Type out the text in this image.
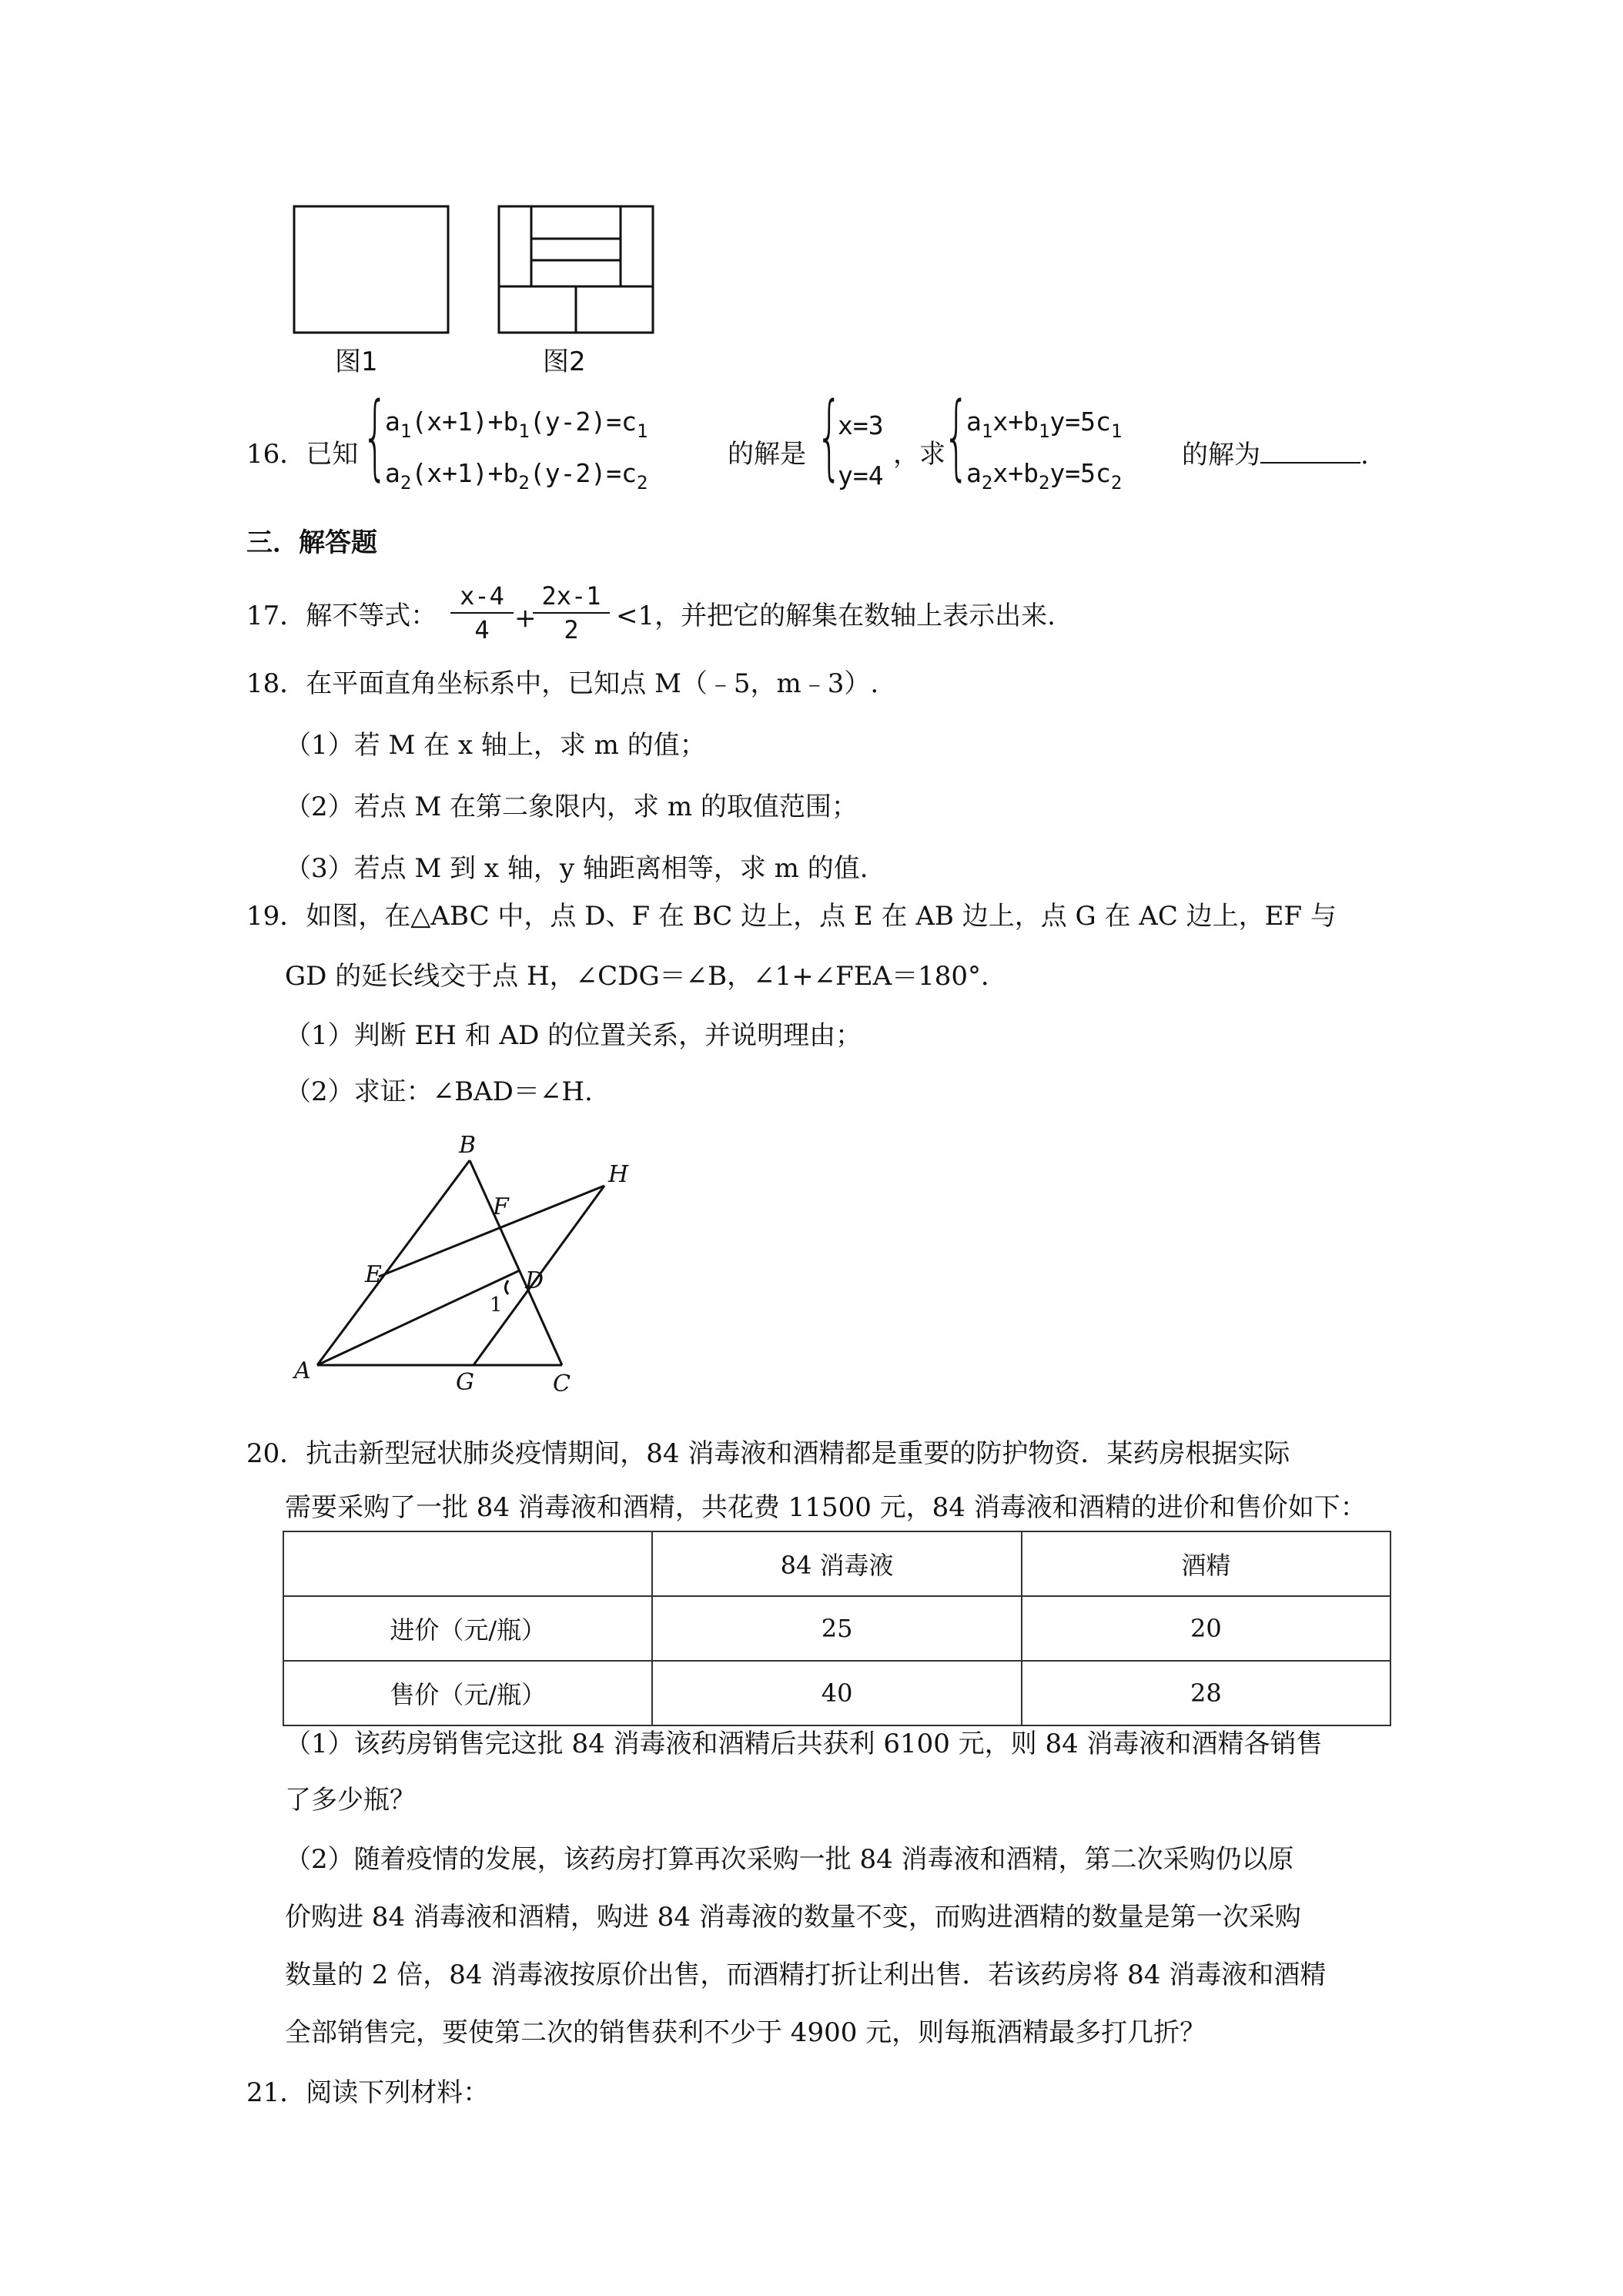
图1	图2
16．已知 {
$a_1(x+1)+b_1(y-2)=c_1$
$a_2(x+1)+b_2(y-2)=c_2$
的解是 {
x=3
y=4
，求
{
$a_1x+b_1y=5c_1$
$a_2x+b_2y=5c_2$
的解为	.
三．解答题
17．解不等式：
x-4
4 +
2x-1
2	<1，并把它的解集在数轴上表示出来.
18．在平面直角坐标系中，已知点 M（﹣5，m﹣3）.
（1）若 M 在 x 轴上，求 m 的值；
（2）若点 M 在第二象限内，求 m 的取值范围；
（3）若点 M 到 x 轴，y 轴距离相等，求 m 的值.
19．如图，在△ABC 中，点 D、F 在 BC 边上，点 E 在 AB 边上，点 G 在 AC 边上，EF 与
GD 的延长线交于点 H，∠CDG＝∠B，∠1+∠FEA＝180°．
（1）判断 EH 和 AD 的位置关系，并说明理由；
（2）求证：∠BAD＝∠H.
B
H
F
E	D
1
A	G	C
20．抗击新型冠状肺炎疫情期间，84 消毒液和酒精都是重要的防护物资．某药房根据实际
需要采购了一批 84 消毒液和酒精，共花费 11500 元，84 消毒液和酒精的进价和售价如下：
	84 消毒液	酒精
进价（元/瓶）	25	20
售价（元/瓶）	40	28
（1）该药房销售完这批 84 消毒液和酒精后共获利 6100 元，则 84 消毒液和酒精各销售
了多少瓶？
（2）随着疫情的发展，该药房打算再次采购一批 84 消毒液和酒精，第二次采购仍以原
价购进 84 消毒液和酒精，购进 84 消毒液的数量不变，而购进酒精的数量是第一次采购
数量的 2 倍，84 消毒液按原价出售，而酒精打折让利出售．若该药房将 84 消毒液和酒精
全部销售完，要使第二次的销售获利不少于 4900 元，则每瓶酒精最多打几折？
21．阅读下列材料：
